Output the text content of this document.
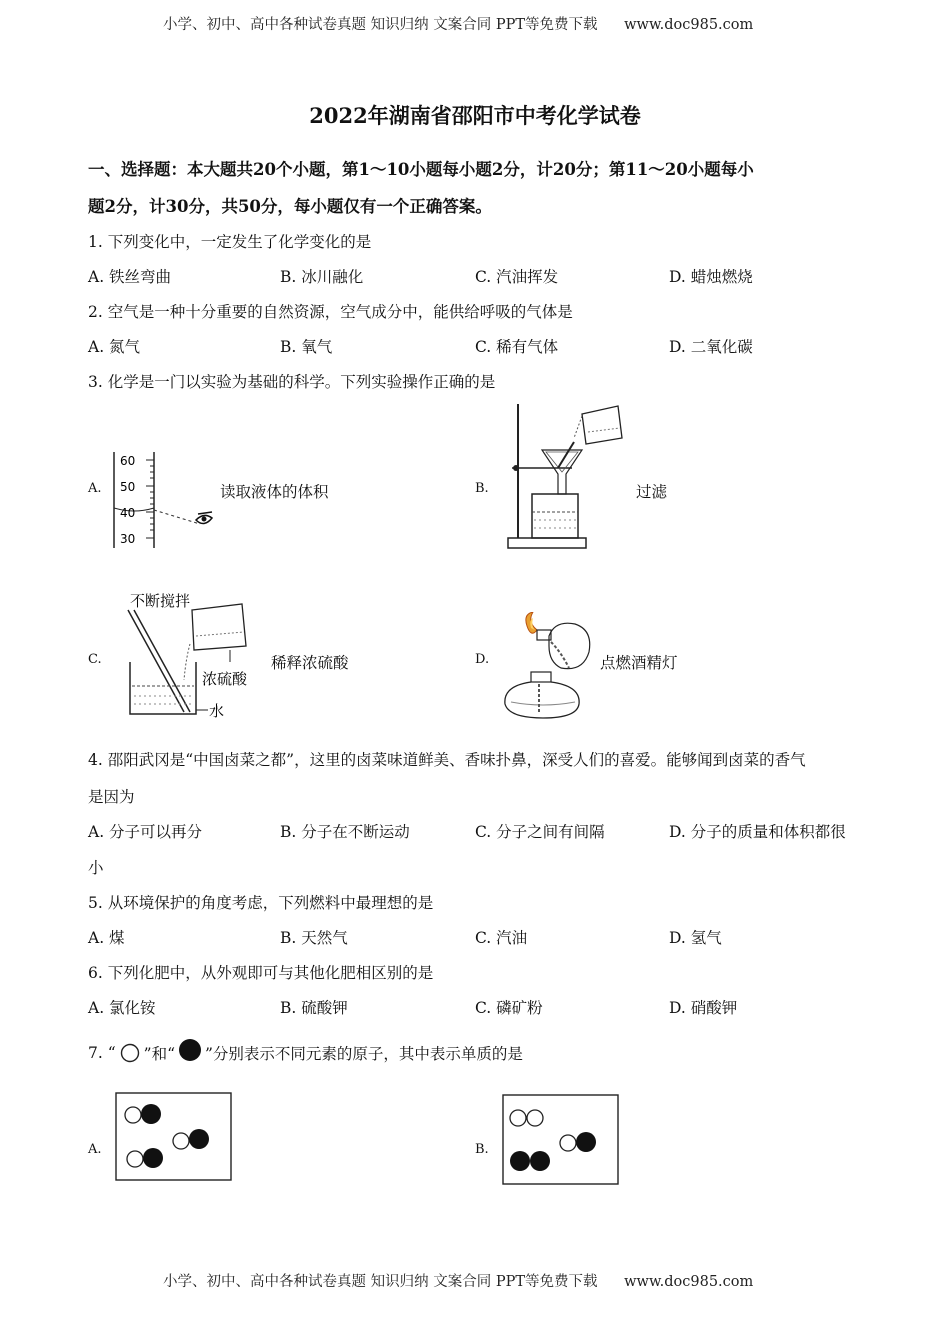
小学、初中、高中各种试卷真题 知识归纳 文案合同 PPT等免费下载 www.doc985.com
2022年湖南省邵阳市中考化学试卷
一、选择题：本大题共20个小题，第1～10小题每小题2分，计20分；第11～20小题每小
题2分，计30分，共50分，每小题仅有一个正确答案。
1. 下列变化中，一定发生了化学变化的是
A. 铁丝弯曲	B. 冰川融化	C. 汽油挥发	D. 蜡烛燃烧
2. 空气是一种十分重要的自然资源，空气成分中，能供给呼吸的气体是
A. 氮气	B. 氧气	C. 稀有气体	D. 二氧化碳
3. 化学是一门以实验为基础的科学。下列实验操作正确的是
A.
60
50
40
30
读取液体的体积	B.	过滤
C.
不断搅拌
浓硫酸
水
稀释浓硫酸	D.	点燃酒精灯
4. 邵阳武冈是“中国卤菜之都”，这里的卤菜味道鲜美、香味扑鼻，深受人们的喜爱。能够闻到卤菜的香气
是因为
A. 分子可以再分	B. 分子在不断运动	C. 分子之间有间隔	D. 分子的质量和体积都很
小
5. 从环境保护的角度考虑，下列燃料中最理想的是
A. 煤	B. 天然气	C. 汽油	D. 氢气
6. 下列化肥中，从外观即可与其他化肥相区别的是
A. 氯化铵	B. 硫酸钾	C. 磷矿粉	D. 硝酸钾
7. “ ”和“ ”分别表示不同元素的原子，其中表示单质的是
A.	B.
小学、初中、高中各种试卷真题 知识归纳 文案合同 PPT等免费下载 www.doc985.com
